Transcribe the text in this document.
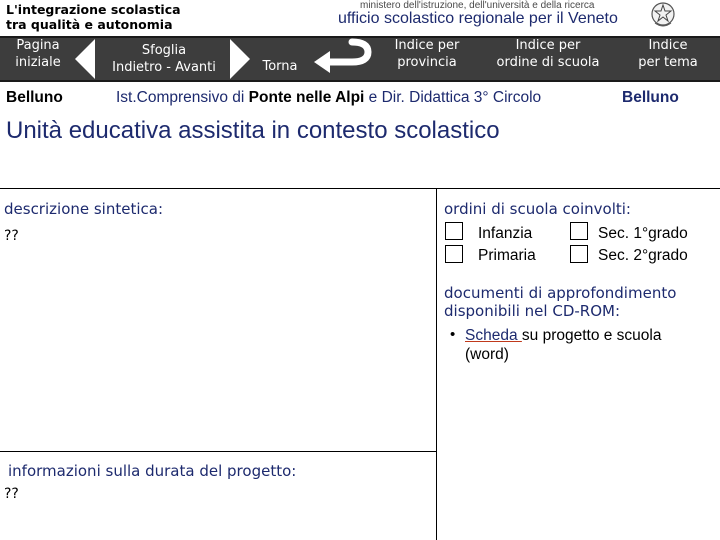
L'integrazione scolastica
tra qualità e autonomia
ministero dell'istruzione, dell'università e della ricerca
ufficio scolastico regionale per il Veneto
Pagina
iniziale
Sfoglia
Indietro - Avanti	Torna
Indice per
provincia
Indice per
ordine di scuola
Indice
per tema
Belluno	Ist.Comprensivo di Ponte nelle Alpi e Dir. Didattica 3° Circolo	Belluno
Unità educativa assistita in contesto scolastico
descrizione sintetica:
??
ordini di scuola coinvolti:
Infanzia	Sec. 1°grado
Primaria	Sec. 2°grado
documenti di approfondimento
disponibili nel CD-ROM:
• Scheda su progetto e scuola
(word)
informazioni sulla durata del progetto:
??
